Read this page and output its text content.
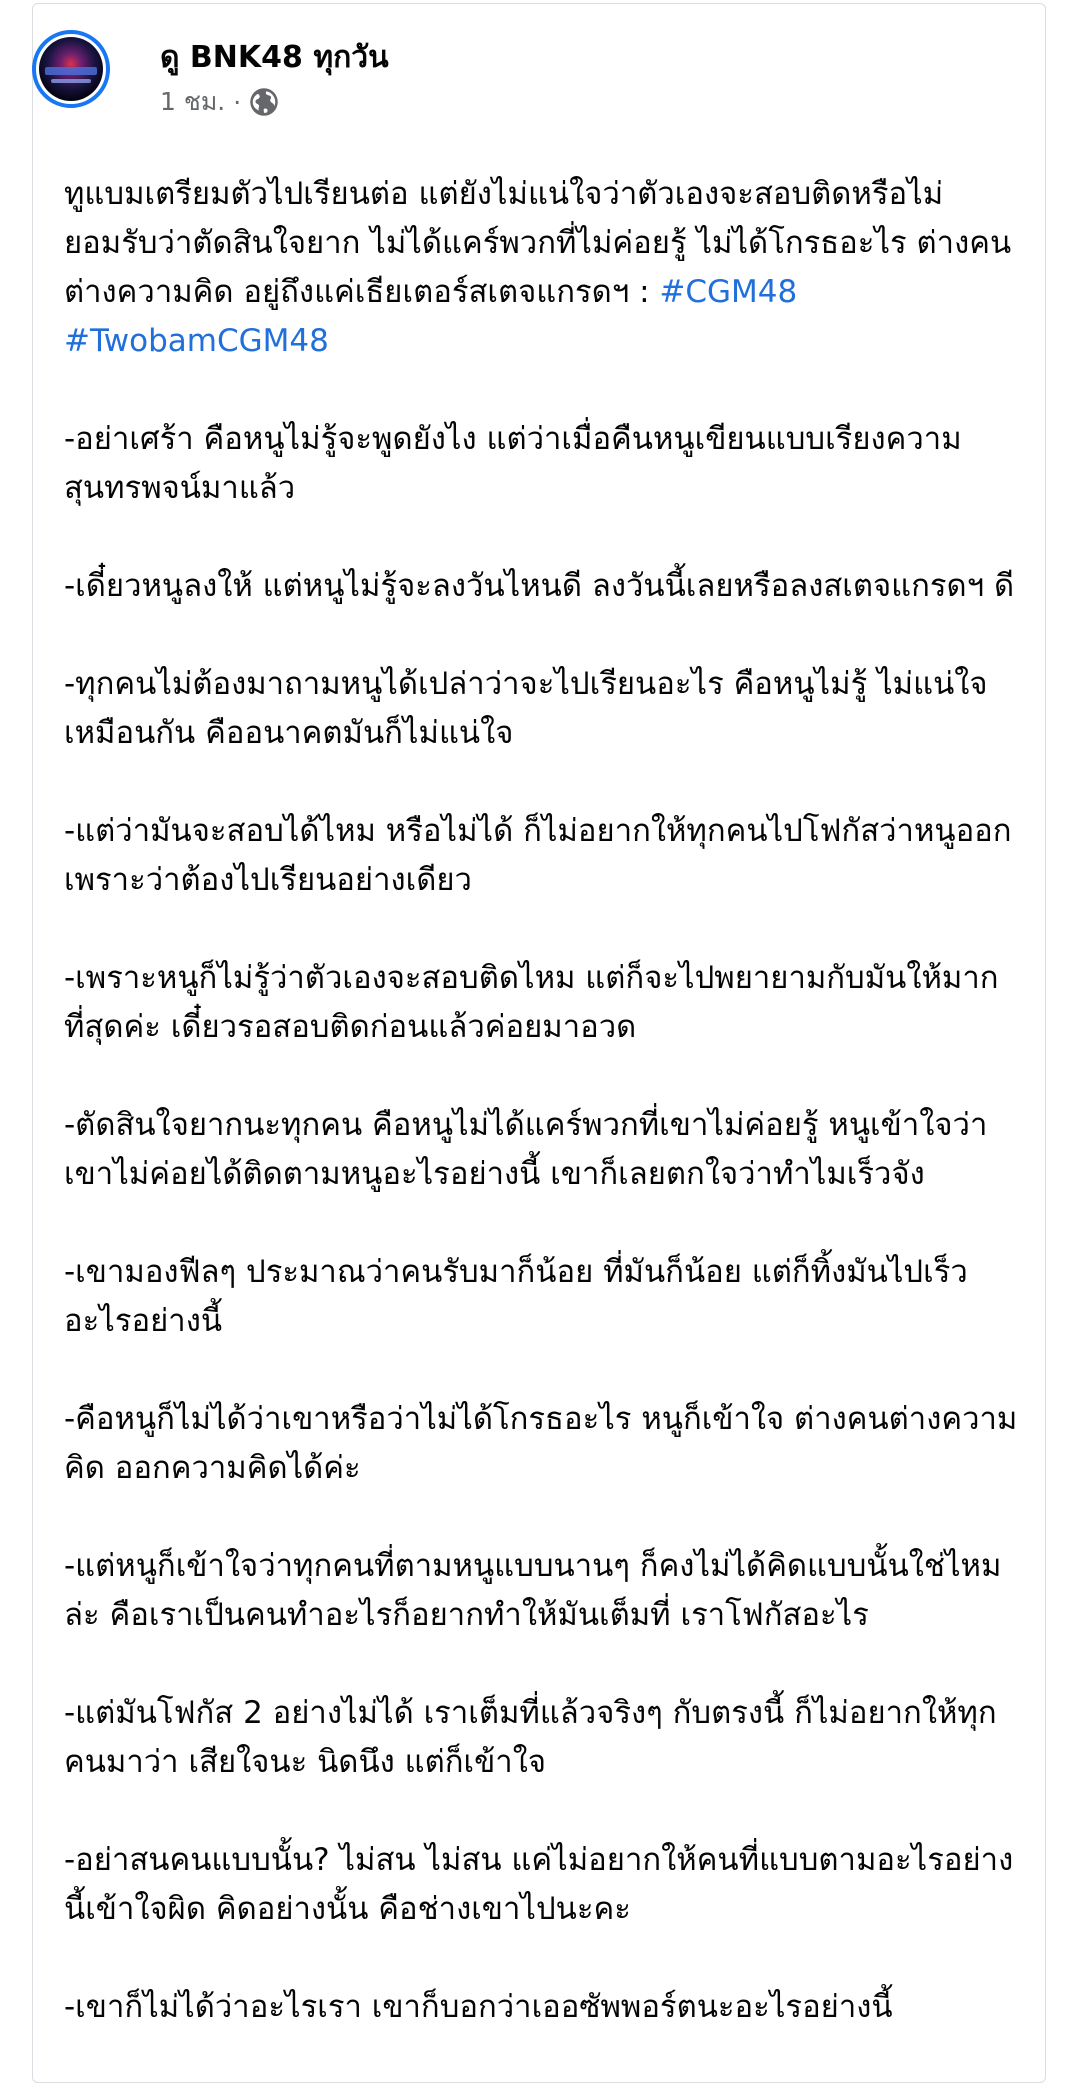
ดู BNK48 ทุกวัน
1 ชม. ·

ทูแบมเตรียมตัวไปเรียนต่อ แต่ยังไม่แน่ใจว่าตัวเองจะสอบติดหรือไม่ยอมรับว่าตัดสินใจยาก ไม่ได้แคร์พวกที่ไม่ค่อยรู้ ไม่ได้โกรธอะไร ต่างคนต่างความคิด อยู่ถึงแค่เธียเตอร์สเตจแกรดฯ : #CGM48
#TwobamCGM48

-อย่าเศร้า คือหนูไม่รู้จะพูดยังไง แต่ว่าเมื่อคืนหนูเขียนแบบเรียงความสุนทรพจน์มาแล้ว

-เดี๋ยวหนูลงให้ แต่หนูไม่รู้จะลงวันไหนดี ลงวันนี้เลยหรือลงสเตจแกรดฯ ดี

-ทุกคนไม่ต้องมาถามหนูได้เปล่าว่าจะไปเรียนอะไร คือหนูไม่รู้ ไม่แน่ใจเหมือนกัน คืออนาคตมันก็ไม่แน่ใจ

-แต่ว่ามันจะสอบได้ไหม หรือไม่ได้ ก็ไม่อยากให้ทุกคนไปโฟกัสว่าหนูออกเพราะว่าต้องไปเรียนอย่างเดียว

-เพราะหนูก็ไม่รู้ว่าตัวเองจะสอบติดไหม แต่ก็จะไปพยายามกับมันให้มากที่สุดค่ะ เดี๋ยวรอสอบติดก่อนแล้วค่อยมาอวด

-ตัดสินใจยากนะทุกคน คือหนูไม่ได้แคร์พวกที่เขาไม่ค่อยรู้ หนูเข้าใจว่าเขาไม่ค่อยได้ติดตามหนูอะไรอย่างนี้ เขาก็เลยตกใจว่าทำไมเร็วจัง

-เขามองฟีลๆ ประมาณว่าคนรับมาก็น้อย ที่มันก็น้อย แต่ก็ทิ้งมันไปเร็วอะไรอย่างนี้

-คือหนูก็ไม่ได้ว่าเขาหรือว่าไม่ได้โกรธอะไร หนูก็เข้าใจ ต่างคนต่างความคิด ออกความคิดได้ค่ะ

-แต่หนูก็เข้าใจว่าทุกคนที่ตามหนูแบบนานๆ ก็คงไม่ได้คิดแบบนั้นใช่ไหมล่ะ คือเราเป็นคนทำอะไรก็อยากทำให้มันเต็มที่ เราโฟกัสอะไร

-แต่มันโฟกัส 2 อย่างไม่ได้ เราเต็มที่แล้วจริงๆ กับตรงนี้ ก็ไม่อยากให้ทุกคนมาว่า เสียใจนะ นิดนึง แต่ก็เข้าใจ

-อย่าสนคนแบบนั้น? ไม่สน ไม่สน แค่ไม่อยากให้คนที่แบบตามอะไรอย่างนี้เข้าใจผิด คิดอย่างนั้น คือช่างเขาไปนะคะ

-เขาก็ไม่ได้ว่าอะไรเรา เขาก็บอกว่าเออซัพพอร์ตนะอะไรอย่างนี้
